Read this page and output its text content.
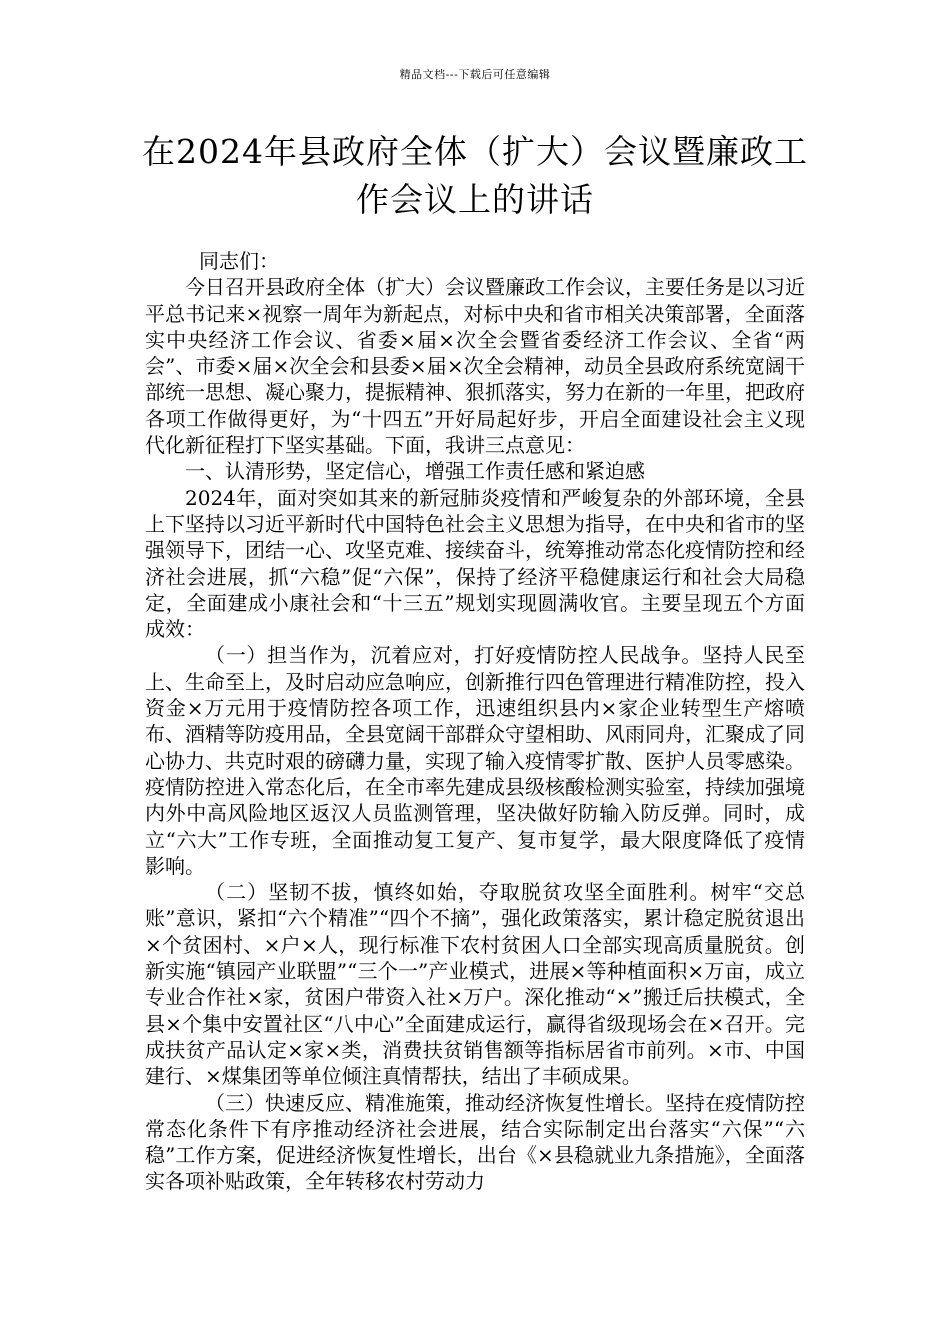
精品文档---下载后可任意编辑
在2024年县政府全体（扩大）会议暨廉政工作会议上的讲话

同志们：

今日召开县政府全体（扩大）会议暨廉政工作会议，主要任务是以习近平总书记来×视察一周年为新起点，对标中央和省市相关决策部署，全面落实中央经济工作会议、省委×届×次全会暨省委经济工作会议、全省“两会”、市委×届×次全会和县委×届×次全会精神，动员全县政府系统宽阔干部统一思想、凝心聚力，提振精神、狠抓落实，努力在新的一年里，把政府各项工作做得更好，为“十四五”开好局起好步，开启全面建设社会主义现代化新征程打下坚实基础。下面，我讲三点意见：

一、认清形势，坚定信心，增强工作责任感和紧迫感

2024年，面对突如其来的新冠肺炎疫情和严峻复杂的外部环境，全县上下坚持以习近平新时代中国特色社会主义思想为指导，在中央和省市的坚强领导下，团结一心、攻坚克难、接续奋斗，统筹推动常态化疫情防控和经济社会进展，抓“六稳”促“六保”，保持了经济平稳健康运行和社会大局稳定，全面建成小康社会和“十三五”规划实现圆满收官。主要呈现五个方面成效：

（一）担当作为，沉着应对，打好疫情防控人民战争。坚持人民至上、生命至上，及时启动应急响应，创新推行四色管理进行精准防控，投入资金×万元用于疫情防控各项工作，迅速组织县内×家企业转型生产熔喷布、酒精等防疫用品，全县宽阔干部群众守望相助、风雨同舟，汇聚成了同心协力、共克时艰的磅礴力量，实现了输入疫情零扩散、医护人员零感染。疫情防控进入常态化后，在全市率先建成县级核酸检测实验室，持续加强境内外中高风险地区返汉人员监测管理，坚决做好防输入防反弹。同时，成立“六大”工作专班，全面推动复工复产、复市复学，最大限度降低了疫情影响。

（二）坚韧不拔，慎终如始，夺取脱贫攻坚全面胜利。树牢“交总账”意识，紧扣“六个精准”“四个不摘”，强化政策落实，累计稳定脱贫退出×个贫困村、×户×人，现行标准下农村贫困人口全部实现高质量脱贫。创新实施“镇园产业联盟”“三个一”产业模式，进展×等种植面积×万亩，成立专业合作社×家，贫困户带资入社×万户。深化推动“×”搬迁后扶模式，全县×个集中安置社区“八中心”全面建成运行，赢得省级现场会在×召开。完成扶贫产品认定×家×类，消费扶贫销售额等指标居省市前列。×市、中国建行、×煤集团等单位倾注真情帮扶，结出了丰硕成果。

（三）快速反应、精准施策，推动经济恢复性增长。坚持在疫情防控常态化条件下有序推动经济社会进展，结合实际制定出台落实“六保”“六稳”工作方案，促进经济恢复性增长，出台《×县稳就业九条措施》，全面落实各项补贴政策，全年转移农村劳动力
